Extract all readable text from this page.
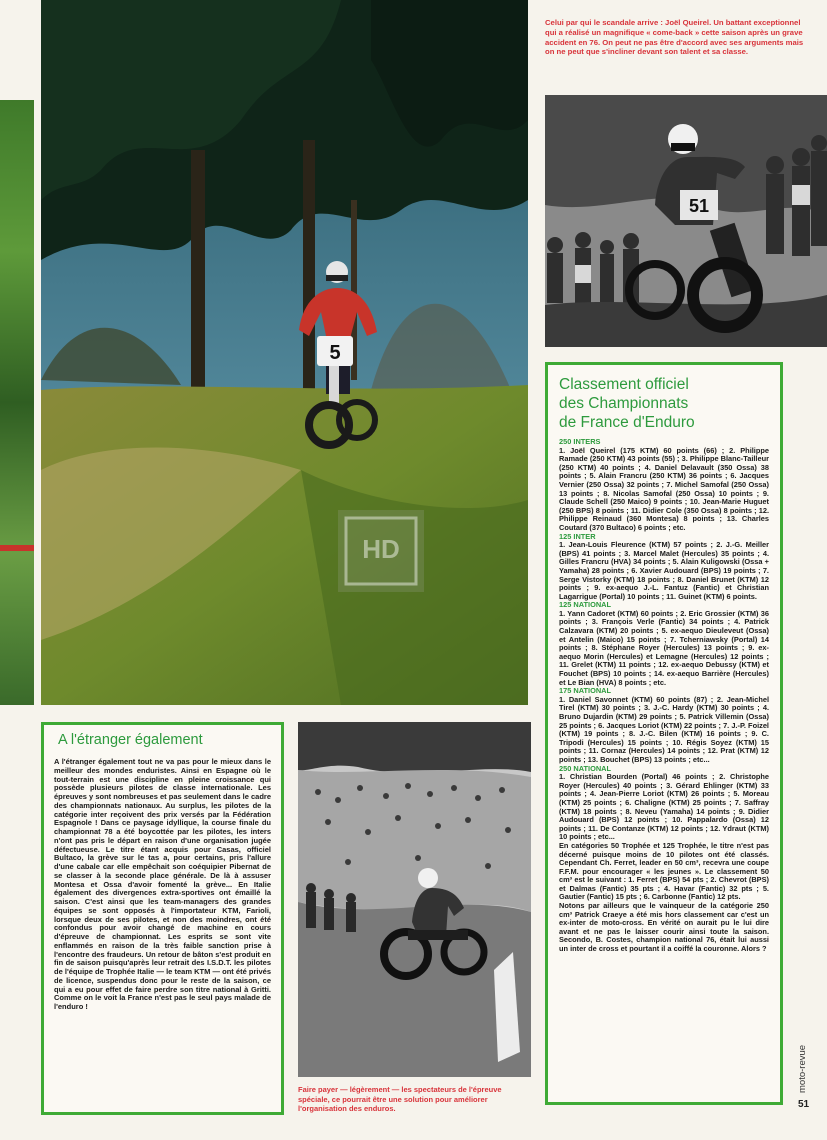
5
HD
Celui par qui le scandale arrive : Joël Queirel. Un battant exceptionnel qui a réalisé un magnifique « come-back » cette saison après un grave accident en 76. On peut ne pas être d'accord avec ses arguments mais on ne peut que s'incliner devant son talent et sa classe.
51
Classement officiel
des Championnats
de France d'Enduro
250 INTERS
1. Joël Queirel (175 KTM) 60 points (66) ; 2. Philippe Ramade (250 KTM) 43 points (55) ; 3. Philippe Blanc-Tailleur (250 KTM) 40 points ; 4. Daniel Delavault (350 Ossa) 38 points ; 5. Alain Francru (250 KTM) 36 points ; 6. Jacques Vernier (250 Ossa) 32 points ; 7. Michel Samofal (250 Ossa) 13 points ; 8. Nicolas Samofal (250 Ossa) 10 points ; 9. Claude Schell (250 Maico) 9 points ; 10. Jean-Marie Huguet (250 BPS) 8 points ; 11. Didier Cole (350 Ossa) 8 points ; 12. Philippe Reinaud (360 Montesa) 8 points ; 13. Charles Coutard (370 Bultaco) 6 points ; etc.
125 INTER
1. Jean-Louis Fleurence (KTM) 57 points ; 2. J.-G. Meiller (BPS) 41 points ; 3. Marcel Malet (Hercules) 35 points ; 4. Gilles Francru (HVA) 34 points ; 5. Alain Kuligowski (Ossa + Yamaha) 28 points ; 6. Xavier Audouard (BPS) 19 points ; 7. Serge Vistorky (KTM) 18 points ; 8. Daniel Brunet (KTM) 12 points ; 9. ex-aequo J.-L. Fantuz (Fantic) et Christian Lagarrigue (Portal) 10 points ; 11. Guinet (KTM) 6 points.
125 NATIONAL
1. Yann Cadoret (KTM) 60 points ; 2. Eric Grossier (KTM) 36 points ; 3. François Verle (Fantic) 34 points ; 4. Patrick Calzavara (KTM) 20 points ; 5. ex-aequo Dieuleveut (Ossa) et Antelin (Maico) 15 points ; 7. Tcherniawsky (Portal) 14 points ; 8. Stéphane Royer (Hercules) 13 points ; 9. ex-aequo Morin (Hercules) et Lemagne (Hercules) 12 points ; 11. Grelet (KTM) 11 points ; 12. ex-aequo Debussy (KTM) et Fouchet (BPS) 10 points ; 14. ex-aequo Barrière (Hercules) et Le Bian (HVA) 8 points ; etc.
175 NATIONAL
1. Daniel Savonnet (KTM) 60 points (87) ; 2. Jean-Michel Tirel (KTM) 30 points ; 3. J.-C. Hardy (KTM) 30 points ; 4. Bruno Dujardin (KTM) 29 points ; 5. Patrick Villemin (Ossa) 25 points ; 6. Jacques Loriot (KTM) 22 points ; 7. J.-P. Foizel (KTM) 19 points ; 8. J.-C. Bilen (KTM) 16 points ; 9. C. Tripodi (Hercules) 15 points ; 10. Régis Soyez (KTM) 15 points ; 11. Cornaz (Hercules) 14 points ; 12. Prat (KTM) 12 points ; 13. Bouchet (BPS) 13 points ; etc...
250 NATIONAL
1. Christian Bourden (Portal) 46 points ; 2. Christophe Royer (Hercules) 40 points ; 3. Gérard Ehlinger (KTM) 33 points ; 4. Jean-Pierre Loriot (KTM) 26 points ; 5. Moreau (KTM) 25 points ; 6. Chaligne (KTM) 25 points ; 7. Saffray (KTM) 18 points ; 8. Neveu (Yamaha) 14 points ; 9. Didier Audouard (BPS) 12 points ; 10. Pappalardo (Ossa) 12 points ; 11. De Contanze (KTM) 12 points ; 12. Ydraut (KTM) 10 points ; etc...
En catégories 50 Trophée et 125 Trophée, le titre n'est pas décerné puisque moins de 10 pilotes ont été classés. Cependant Ch. Ferret, leader en 50 cm³, recevra une coupe F.F.M. pour encourager « les jeunes ». Le classement 50 cm³ est le suivant : 1. Ferret (BPS) 54 pts ; 2. Chevrot (BPS) et Dalmas (Fantic) 35 pts ; 4. Havar (Fantic) 32 pts ; 5. Gautier (Fantic) 15 pts ; 6. Carbonne (Fantic) 12 pts.
Notons par ailleurs que le vainqueur de la catégorie 250 cm³ Patrick Craeye a été mis hors classement car c'est un ex-inter de moto-cross. En vérité on aurait pu le lui dire avant et ne pas le laisser courir ainsi toute la saison. Secondo, B. Costes, champion national 76, était lui aussi un inter de cross et pourtant il a coiffé la couronne. Alors ?
A l'étranger également

A l'étranger également tout ne va pas pour le mieux dans le meilleur des mondes enduristes. Ainsi en Espagne où le tout-terrain est une discipline en pleine croissance qui possède plusieurs pilotes de classe internationale. Les épreuves y sont nombreuses et pas seulement dans le cadre des championnats nationaux. Au surplus, les pilotes de la catégorie inter reçoivent des prix versés par la Fédération Espagnole ! Dans ce paysage idyllique, la course finale du championnat 78 a été boycottée par les pilotes, les inters n'ont pas pris le départ en raison d'une organisation jugée défectueuse. Le titre étant acquis pour Casas, officiel Bultaco, la grève sur le tas a, pour certains, pris l'allure d'une cabale car elle empêchait son coéquipier Pibernat de se classer à la seconde place générale. De là à assuser Montesa et Ossa d'avoir fomenté la grève... En Italie également des divergences extra-sportives ont émaillé la saison. C'est ainsi que les team-managers des grandes équipes se sont opposés à l'importateur KTM, Farioli, lorsque deux de ses pilotes, et non des moindres, ont été confondus pour avoir changé de machine en cours d'épreuve de championnat. Les esprits se sont vite enflammés en raison de la très faible sanction prise à l'encontre des fraudeurs. Un retour de bâton s'est produit en fin de saison puisqu'après leur retrait des I.S.D.T. les pilotes de l'équipe de Trophée Italie — le team KTM — ont été privés de licence, suspendus donc pour le reste de la saison, ce qui a eu pour effet de faire perdre son titre national à Gritti. Comme on le voit la France n'est pas le seul pays malade de l'enduro !

Faire payer — légèrement — les spectateurs de l'épreuve spéciale, ce pourrait être une solution pour améliorer l'organisation des enduros.
moto-revue
51
